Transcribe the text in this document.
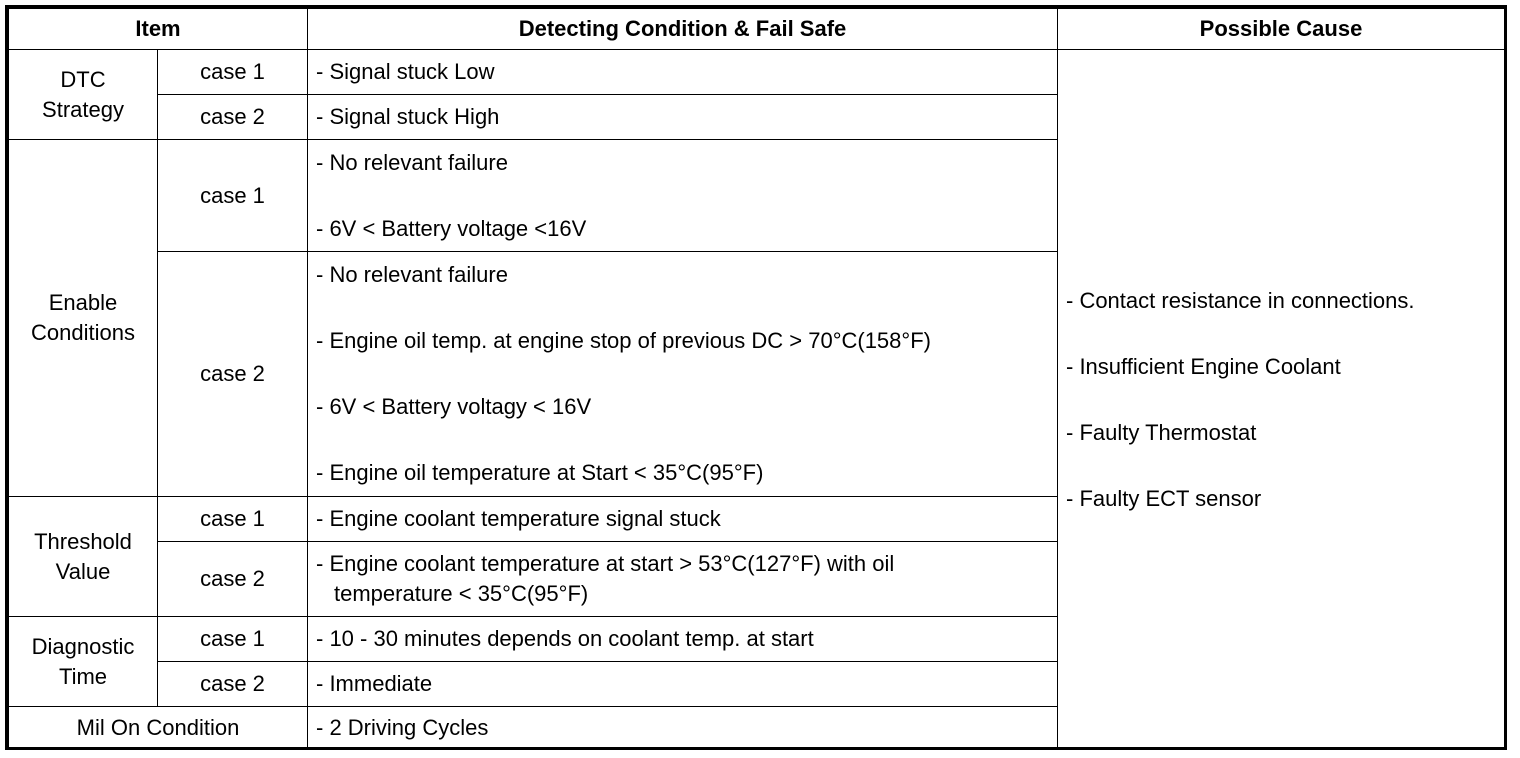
Item		Detecting Condition & Fail Safe	Possible Cause

DTC
Strategy	case 1	- Signal stuck Low	- Contact resistance in connections.
- Insufficient Engine Coolant
- Faulty Thermostat
- Faulty ECT sensor

	case 2	- Signal stuck High	

Enable
Conditions	case 1	- No relevant failure
- 6V < Battery voltage <16V	

	case 2	- No relevant failure
- Engine oil temp. at engine stop of previous DC > 70°C(158°F)
- 6V < Battery voltagy < 16V
- Engine oil temperature at Start < 35°C(95°F)	

Threshold
Value	case 1	- Engine coolant temperature signal stuck	

	case 2	- Engine coolant temperature at start > 53°C(127°F) with oil
temperature < 35°C(95°F)	

Diagnostic
Time	case 1	- 10 - 30 minutes depends on coolant temp. at start	

	case 2	- Immediate	

Mil On Condition		- 2 Driving Cycles	
